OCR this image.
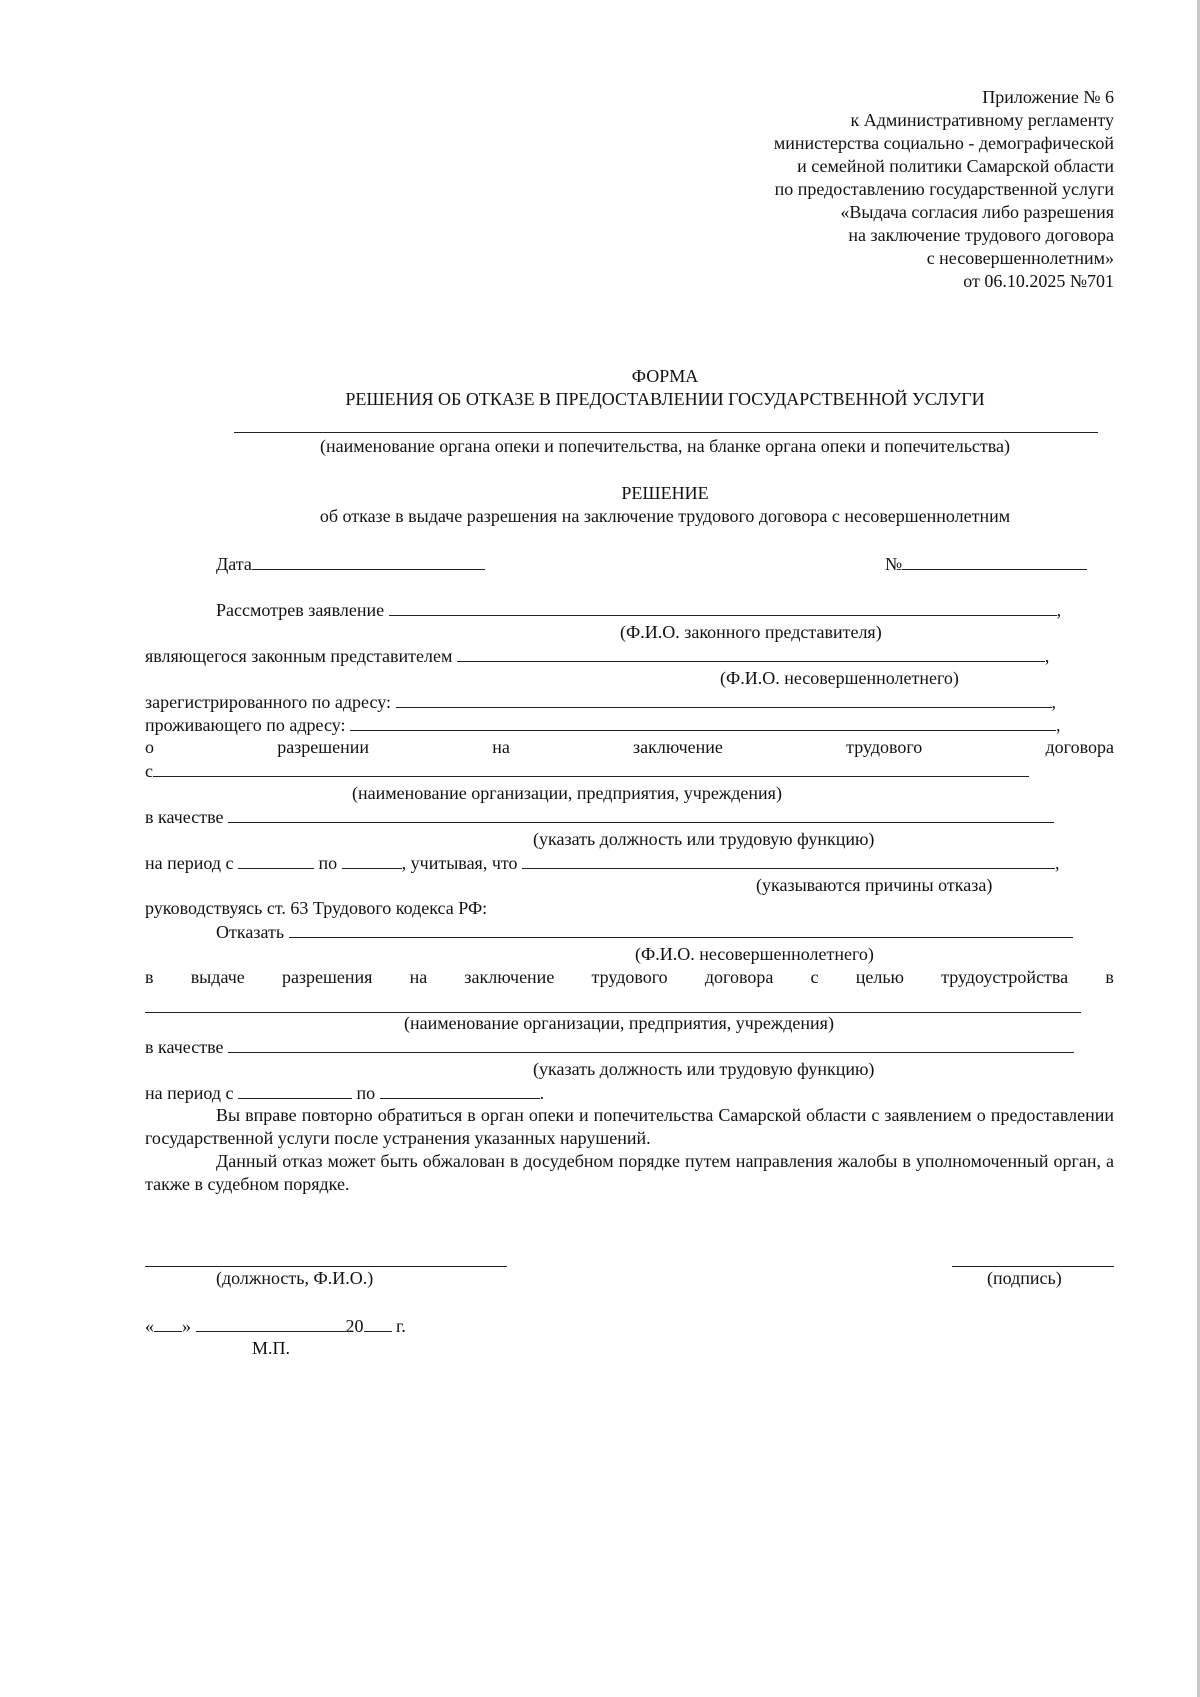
Приложение № 6
к Административному регламенту
министерства социально - демографической
и семейной политики Самарской области
по предоставлению государственной услуги
«Выдача согласия либо разрешения
на заключение трудового договора
с несовершеннолетним»
от 06.10.2025 №701
ФОРМА
РЕШЕНИЯ ОБ ОТКАЗЕ В ПРЕДОСТАВЛЕНИИ ГОСУДАРСТВЕННОЙ УСЛУГИ
(наименование органа опеки и попечительства, на бланке органа опеки и попечительства)
РЕШЕНИЕ
об отказе в выдаче разрешения на заключение трудового договора с несовершеннолетним
Дата	№
Рассмотрев заявление	,
(Ф.И.О. законного представителя)
являющегося законным представителем	,
(Ф.И.О. несовершеннолетнего)
зарегистрированного по адресу:	,
проживающего по адресу:	,
о	разрешении	на	заключение	трудового	договора
с
(наименование организации, предприятия, учреждения)
в качестве
(указать должность или трудовую функцию)
на период с	по	, учитывая, что	,
(указываются причины отказа)
руководствуясь ст. 63 Трудового кодекса РФ:
Отказать
(Ф.И.О. несовершеннолетнего)
в выдаче разрешения на заключение трудового договора с целью трудоустройства в
(наименование организации, предприятия, учреждения)
в качестве
(указать должность или трудовую функцию)
на период с	по	.
Вы вправе повторно обратиться в орган опеки и попечительства Самарской области с заявлением о предоставлении государственной услуги после устранения указанных нарушений.
Данный отказ может быть обжалован в досудебном порядке путем направления жалобы в уполномоченный орган, а также в судебном порядке.
(должность, Ф.И.О.)	(подпись)
« »	20 г.
М.П.
